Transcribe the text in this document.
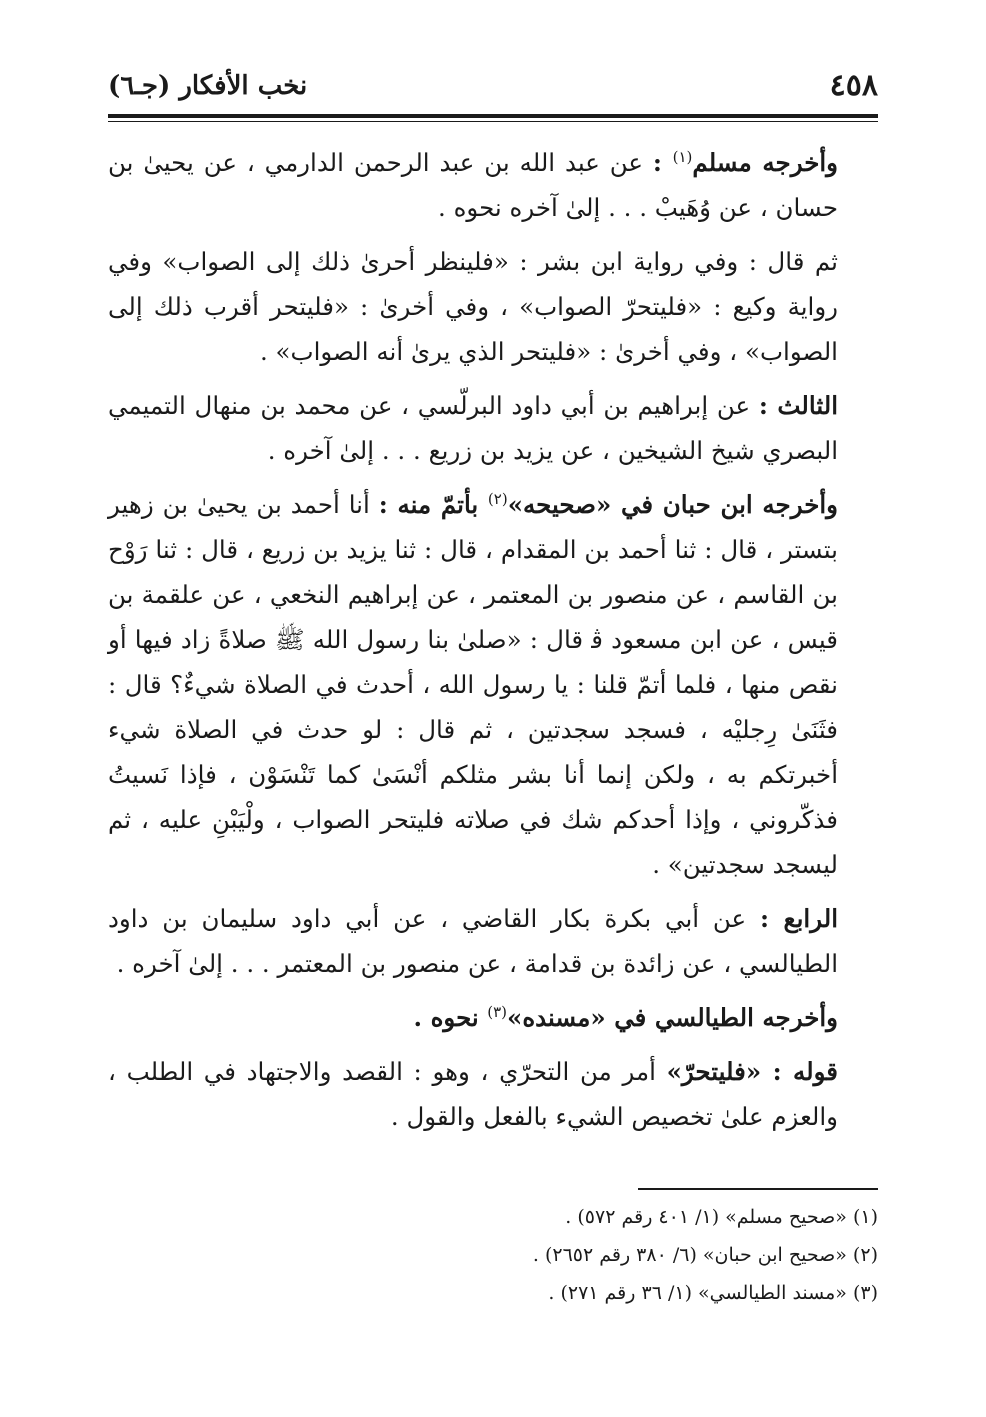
٤٥٨
نخب الأفكار (جـ٦)

وأخرجه مسلم$^{(١)}$ : عن عبد الله بن عبد الرحمن الدارمي ، عن يحيىٰ بن حسان ، عن وُهَيبْ . . . إلىٰ آخره نحوه .

ثم قال : وفي رواية ابن بشر : «فلينظر أحرىٰ ذلك إلى الصواب» وفي رواية وكيع : «فليتحرّ الصواب» ، وفي أخرىٰ : «فليتحر أقرب ذلك إلى الصواب» ، وفي أخرىٰ : «فليتحر الذي يرىٰ أنه الصواب» .

الثالث : عن إبراهيم بن أبي داود البرلّسي ، عن محمد بن منهال التميمي البصري شيخ الشيخين ، عن يزيد بن زريع . . . إلىٰ آخره .

وأخرجه ابن حبان في «صحيحه»$^{(٢)}$ بأتمّ منه : أنا أحمد بن يحيىٰ بن زهير بتستر ، قال : ثنا أحمد بن المقدام ، قال : ثنا يزيد بن زريع ، قال : ثنا رَوْح بن القاسم ، عن منصور بن المعتمر ، عن إبراهيم النخعي ، عن علقمة بن قيس ، عن ابن مسعود ﭬ قال : «صلىٰ بنا رسول الله ﷺ صلاةً زاد فيها أو نقص منها ، فلما أتمّ قلنا : يا رسول الله ، أحدث في الصلاة شيءٌ؟ قال : فثَنَىٰ رِجليْه ، فسجد سجدتين ، ثم قال : لو حدث في الصلاة شيء أخبرتكم به ، ولكن إنما أنا بشر مثلكم أنْسَىٰ كما تَنْسَوْن ، فإذا نَسيتُ فذكّروني ، وإذا أحدكم شك في صلاته فليتحر الصواب ، ولْيَبْنِ عليه ، ثم ليسجد سجدتين» .

الرابع : عن أبي بكرة بكار القاضي ، عن أبي داود سليمان بن داود الطيالسي ، عن زائدة بن قدامة ، عن منصور بن المعتمر . . . إلىٰ آخره .

وأخرجه الطيالسي في «مسنده»$^{(٣)}$ نحوه .

قوله : «فليتحرّ» أمر من التحرّي ، وهو : القصد والاجتهاد في الطلب ، والعزم علىٰ تخصيص الشيء بالفعل والقول .

(١) «صحيح مسلم» (١/ ٤٠١ رقم ٥٧٢) .

(٢) «صحيح ابن حبان» (٦/ ٣٨٠ رقم ٢٦٥٢) .

(٣) «مسند الطيالسي» (١/ ٣٦ رقم ٢٧١) .
